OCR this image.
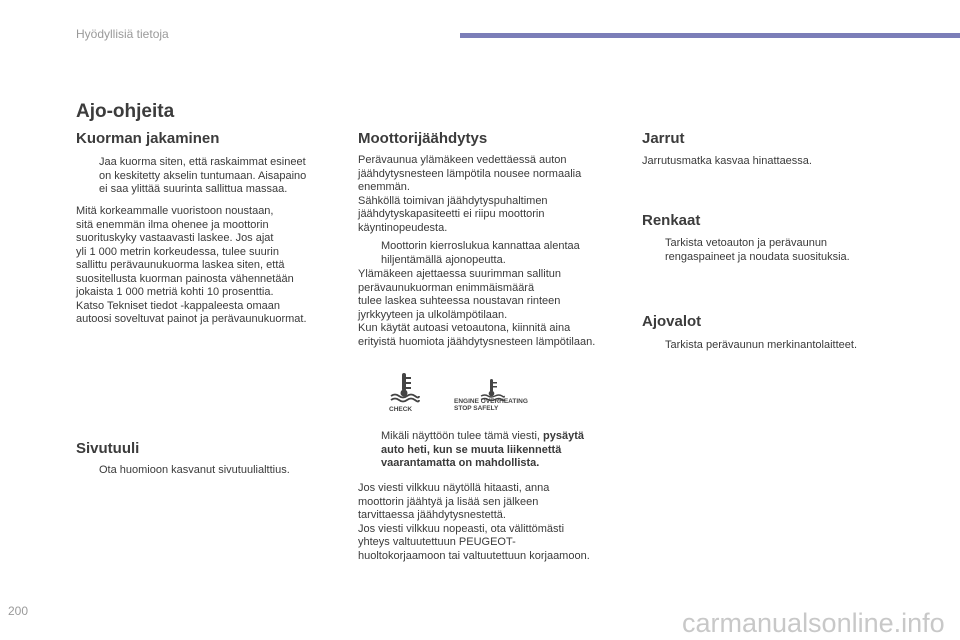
Hyödyllisiä tietoja
Ajo-ohjeita
Kuorman jakaminen
Jaa kuorma siten, että raskaimmat esineet
on keskitetty akselin tuntumaan. Aisapaino
ei saa ylittää suurinta sallittua massaa.
Mitä korkeammalle vuoristoon noustaan,
sitä enemmän ilma ohenee ja moottorin
suorituskyky vastaavasti laskee. Jos ajat
yli 1 000 metrin korkeudessa, tulee suurin
sallittu perävaunukuorma laskea siten, että
suositellusta kuorman painosta vähennetään
jokaista 1 000 metriä kohti 10 prosenttia.
Katso Tekniset tiedot -kappaleesta omaan
autoosi soveltuvat painot ja perävaunukuormat.
Sivutuuli
Ota huomioon kasvanut sivutuulialttius.
Moottorijäähdytys
Perävaunua ylämäkeen vedettäessä auton
jäähdytysnesteen lämpötila nousee normaalia
enemmän.
Sähköllä toimivan jäähdytyspuhaltimen
jäähdytyskapasiteetti ei riipu moottorin
käyntinopeudesta.
Moottorin kierroslukua kannattaa alentaa
hiljentämällä ajonopeutta.
Ylämäkeen ajettaessa suurimman sallitun
perävaunukuorman enimmäismäärä
tulee laskea suhteessa noustavan rinteen
jyrkkyyteen ja ulkolämpötilaan.
Kun käytät autoasi vetoautona, kiinnitä aina
erityistä huomiota jäähdytysnesteen lämpötilaan.
Mikäli näyttöön tulee tämä viesti, pysäytä
auto heti, kun se muuta liikennettä
vaarantamatta on mahdollista.
Jos viesti vilkkuu näytöllä hitaasti, anna
moottorin jäähtyä ja lisää sen jälkeen
tarvittaessa jäähdytysnestettä.
Jos viesti vilkkuu nopeasti, ota välittömästi
yhteys valtuutettuun PEUGEOT-
huoltokorjaamoon tai valtuutettuun korjaamoon.
CHECK
ENGINE OVERHEATING
STOP SAFELY
Jarrut
Jarrutusmatka kasvaa hinattaessa.
Renkaat
Tarkista vetoauton ja perävaunun
rengaspaineet ja noudata suosituksia.
Ajovalot
Tarkista perävaunun merkinantolaitteet.
200	carmanualsonline.info
